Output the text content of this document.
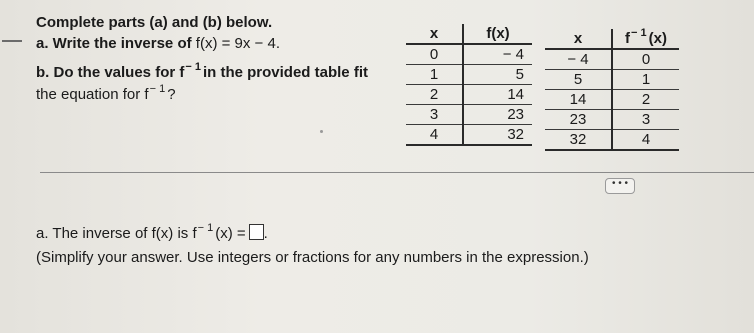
Complete parts (a) and (b) below.
a. Write the inverse of f(x) = 9x − 4.
b. Do the values for $f^{- 1}$ in the provided table fit
the equation for $f^{- 1}$ ?
x	f(x)
0	− 4
1	5
2	14
3	23
4	32
x	$f^{- 1}$ (x)
− 4	0
5	1
14	2
23	3
32	4
• • •
a. The inverse of f(x) is $f^{- 1}$ (x) = .
(Simplify your answer. Use integers or fractions for any numbers in the expression.)
